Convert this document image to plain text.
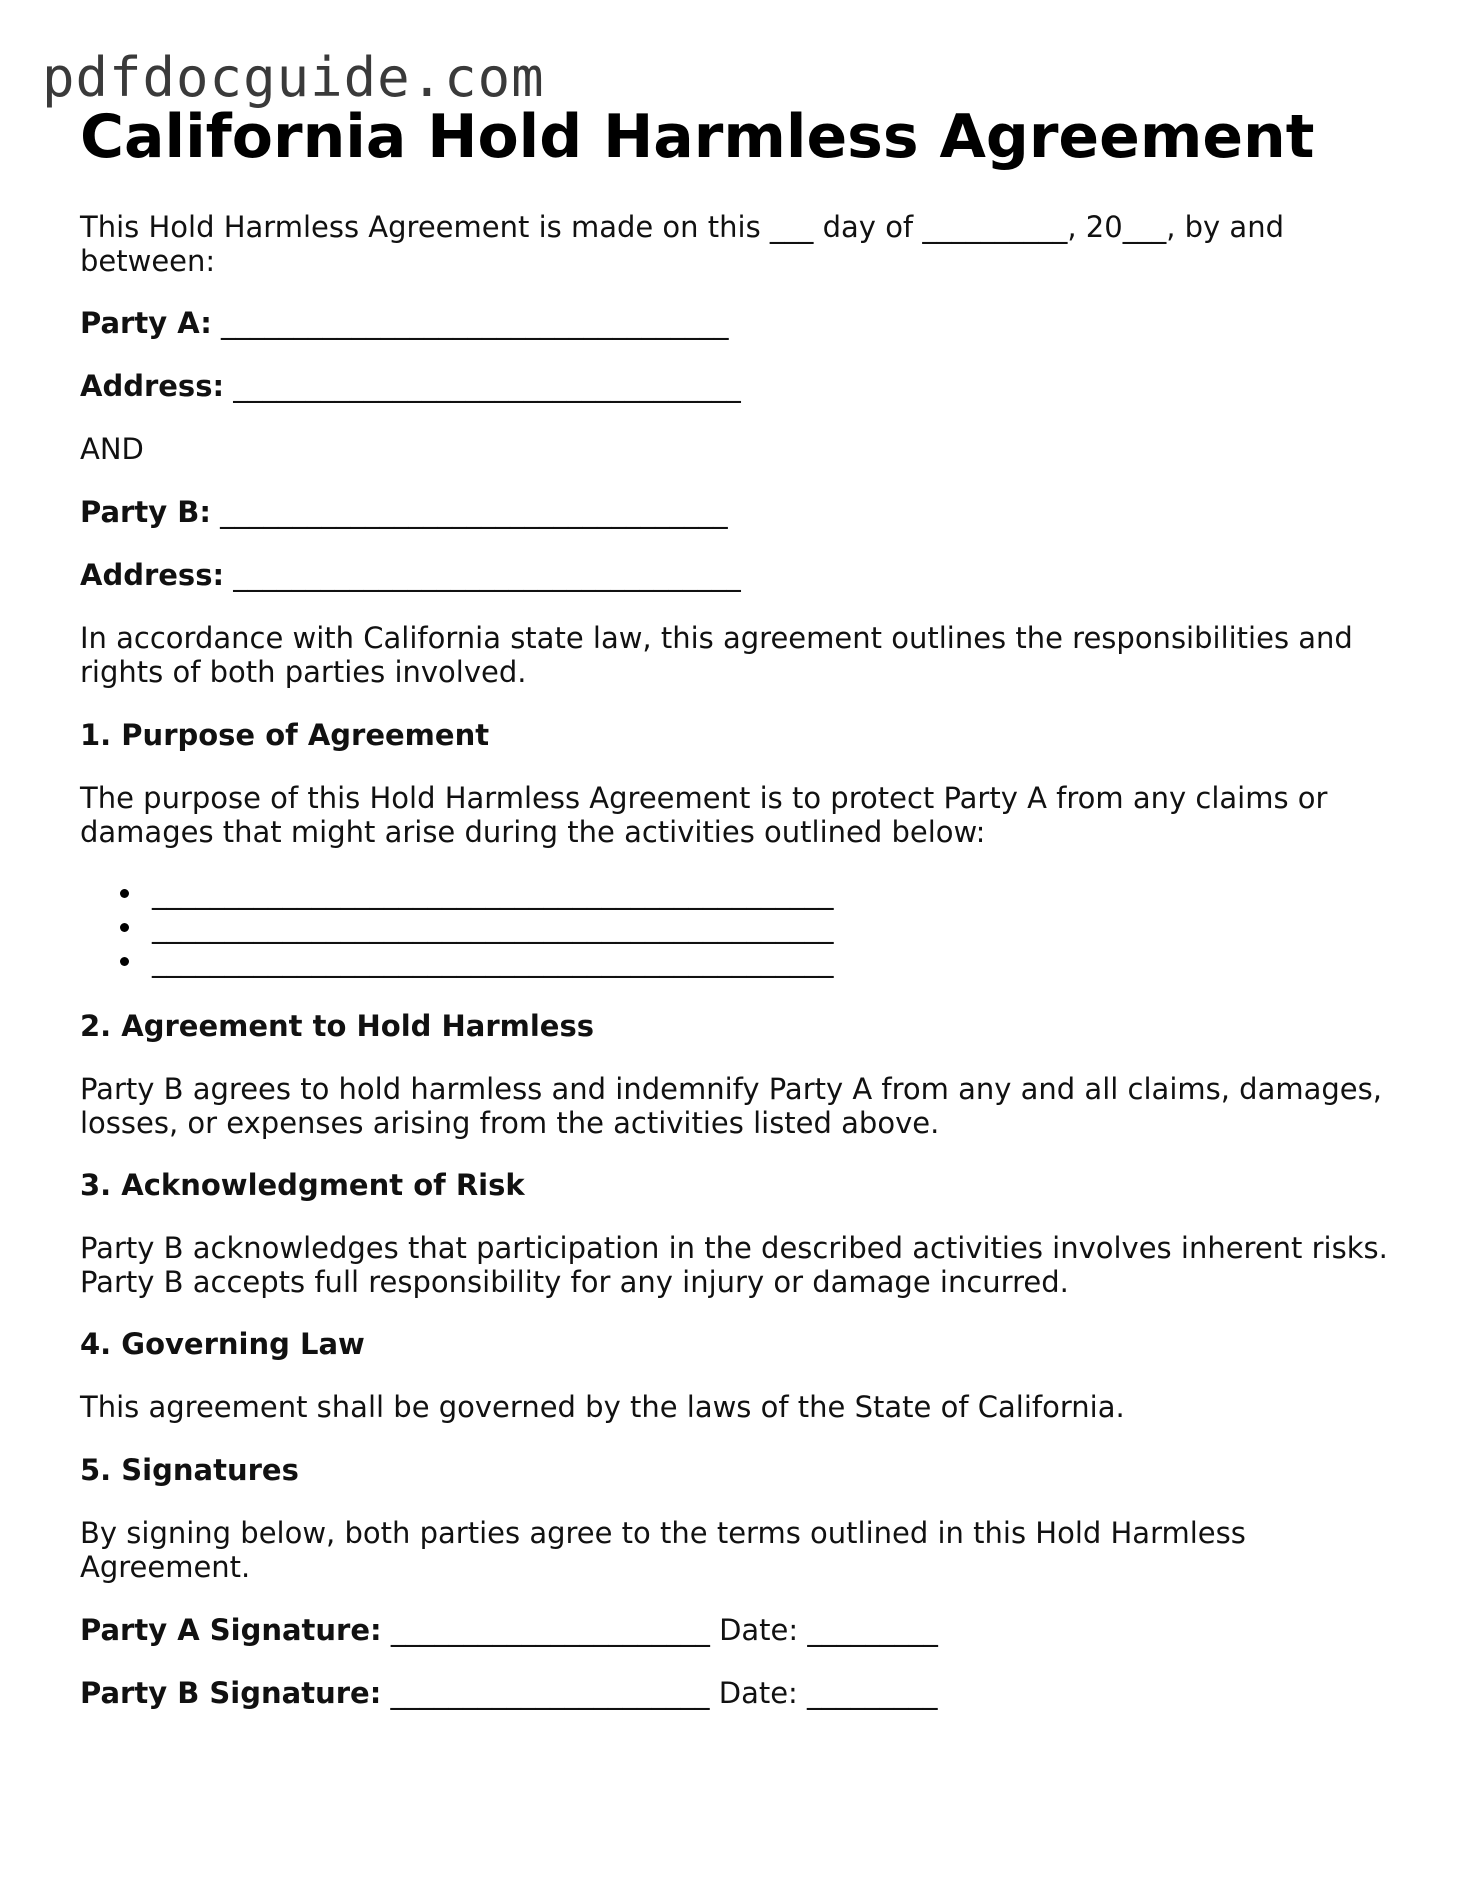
pdfdocguide.com
California Hold Harmless Agreement
This Hold Harmless Agreement is made on this ___ day of __________, 20___, by and
between:
Party A: ___________________________________
Address: ___________________________________
AND
Party B: ___________________________________
Address: ___________________________________
In accordance with California state law, this agreement outlines the responsibilities and
rights of both parties involved.
1. Purpose of Agreement
The purpose of this Hold Harmless Agreement is to protect Party A from any claims or
damages that might arise during the activities outlined below:
_______________________________________________
_______________________________________________
_______________________________________________
2. Agreement to Hold Harmless
Party B agrees to hold harmless and indemnify Party A from any and all claims, damages,
losses, or expenses arising from the activities listed above.
3. Acknowledgment of Risk
Party B acknowledges that participation in the described activities involves inherent risks.
Party B accepts full responsibility for any injury or damage incurred.
4. Governing Law
This agreement shall be governed by the laws of the State of California.
5. Signatures
By signing below, both parties agree to the terms outlined in this Hold Harmless
Agreement.
Party A Signature: ______________________ Date: _________
Party B Signature: ______________________ Date: _________
